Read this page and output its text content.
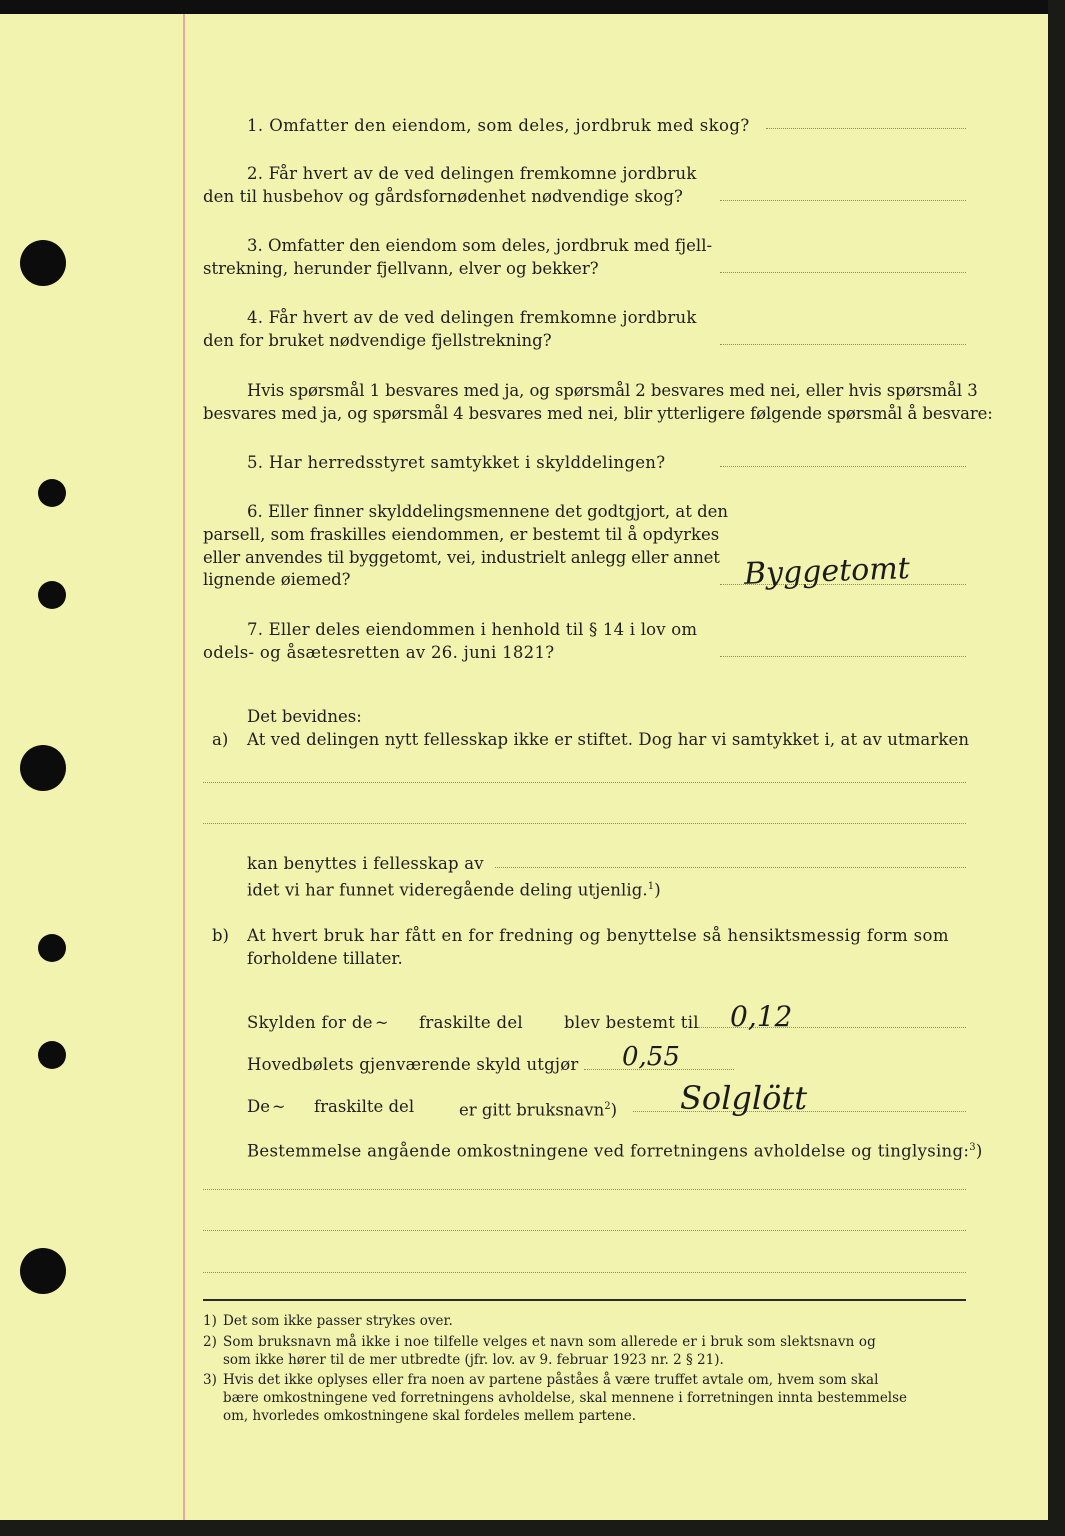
1. Omfatter den eiendom, som deles, jordbruk med skog?
2. Får hvert av de ved delingen fremkomne jordbruk
den til husbehov og gårdsfornødenhet nødvendige skog?
3. Omfatter den eiendom som deles, jordbruk med fjell-
strekning, herunder fjellvann, elver og bekker?
4. Får hvert av de ved delingen fremkomne jordbruk
den for bruket nødvendige fjellstrekning?
Hvis spørsmål 1 besvares med ja, og spørsmål 2 besvares med nei, eller hvis spørsmål 3
besvares med ja, og spørsmål 4 besvares med nei, blir ytterligere følgende spørsmål å besvare:
5. Har herredsstyret samtykket i skylddelingen?
6. Eller finner skylddelingsmennene det godtgjort, at den
parsell, som fraskilles eiendommen, er bestemt til å opdyrkes
eller anvendes til byggetomt, vei, industrielt anlegg eller annet
lignende øiemed?	Byggetomt
7. Eller deles eiendommen i henhold til § 14 i lov om
odels- og åsætesretten av 26. juni 1821?
Det bevidnes:
a) At ved delingen nytt fellesskap ikke er stiftet. Dog har vi samtykket i, at av utmarken
kan benyttes i fellesskap av
idet vi har funnet videregående deling utjenlig.$^1$)
b) At hvert bruk har fått en for fredning og benyttelse så hensiktsmessig form som
forholdene tillater.
Skylden for de ~ fraskilte del blev bestemt til 0,12
Hovedbølets gjenværende skyld utgjør 0,55
De ~ fraskilte del	er gitt bruksnavn$^2$) Solglött
Bestemmelse angående omkostningene ved forretningens avholdelse og tinglysing:$^3$)
1) Det som ikke passer strykes over.
2) Som bruksnavn må ikke i noe tilfelle velges et navn som allerede er i bruk som slektsnavn og
som ikke hører til de mer utbredte (jfr. lov. av 9. februar 1923 nr. 2 § 21).
3) Hvis det ikke oplyses eller fra noen av partene påståes å være truffet avtale om, hvem som skal
bære omkostningene ved forretningens avholdelse, skal mennene i forretningen innta bestemmelse
om, hvorledes omkostningene skal fordeles mellem partene.
